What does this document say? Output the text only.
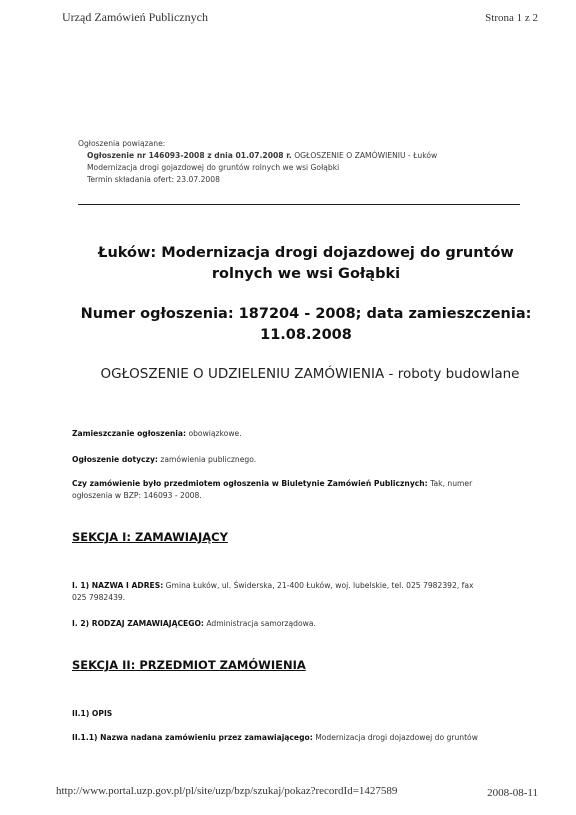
Urząd Zamówień Publicznych	Strona 1 z 2
Ogłoszenia powiązane:
Ogłoszenie nr 146093-2008 z dnia 01.07.2008 r. OGŁOSZENIE O ZAMÓWIENIU - Łuków
Modernizacja drogi gojazdowej do gruntów rolnych we wsi Gołąbki
Termin składania ofert: 23.07.2008
Łuków: Modernizacja drogi dojazdowej do gruntów
rolnych we wsi Gołąbki
Numer ogłoszenia: 187204 - 2008; data zamieszczenia:
11.08.2008
OGŁOSZENIE O UDZIELENIU ZAMÓWIENIA - roboty budowlane
Zamieszczanie ogłoszenia: obowiązkowe.
Ogłoszenie dotyczy: zamówienia publicznego.
Czy zamówienie było przedmiotem ogłoszenia w Biuletynie Zamówień Publicznych: Tak, numer
ogłoszenia w BZP: 146093 - 2008.
SEKCJA I: ZAMAWIAJĄCY
I. 1) NAZWA I ADRES: Gmina Łuków, ul. Świderska, 21-400 Łuków, woj. lubelskie, tel. 025 7982392, fax
025 7982439.
I. 2) RODZAJ ZAMAWIAJĄCEGO: Administracja samorządowa.
SEKCJA II: PRZEDMIOT ZAMÓWIENIA
II.1) OPIS
II.1.1) Nazwa nadana zamówieniu przez zamawiającego: Modernizacja drogi dojazdowej do gruntów
http://www.portal.uzp.gov.pl/pl/site/uzp/bzp/szukaj/pokaz?recordId=1427589	2008-08-11
